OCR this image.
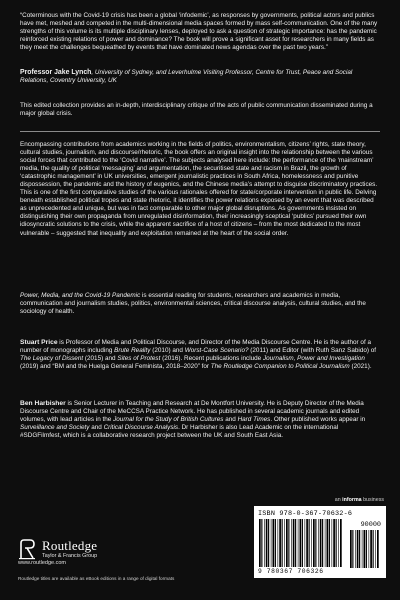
“Coterminous with the Covid-19 crisis has been a global ‘infodemic’, as responses by governments, political actors and publics have met, meshed and competed in the multi-dimensional media spaces formed by mass self-communication. One of the many strengths of this volume is its multiple disciplinary lenses, deployed to ask a question of strategic importance: has the pandemic reinforced existing relations of power and dominance? The book will prove a significant asset for researchers in many fields as they meet the challenges bequeathed by events that have dominated news agendas over the past two years.”

Professor Jake Lynch, University of Sydney, and Leverhulme Visiting Professor, Centre for Trust, Peace and Social Relations, Coventry University, UK

This edited collection provides an in-depth, interdisciplinary critique of the acts of public communication disseminated during a major global crisis.

Encompassing contributions from academics working in the fields of politics, environmentalism, citizens’ rights, state theory, cultural studies, journalism, and discourse/rhetoric, the book offers an original insight into the relationship between the various social forces that contributed to the ‘Covid narrative’. The subjects analysed here include: the performance of the ‘mainstream’ media, the quality of political ‘messaging’ and argumentation, the securitised state and racism in Brazil, the growth of ‘catastrophic management’ in UK universities, emergent journalistic practices in South Africa, homelessness and punitive dispossession, the pandemic and the history of eugenics, and the Chinese media’s attempt to disguise discriminatory practices. This is one of the first comparative studies of the various rationales offered for state/corporate intervention in public life. Delving beneath established political tropes and state rhetoric, it identifies the power relations exposed by an event that was described as unprecedented and unique, but was in fact comparable to other major global disruptions. As governments insisted on distinguishing their own propaganda from unregulated disinformation, their increasingly sceptical ‘publics’ pursued their own idiosyncratic solutions to the crisis, while the apparent sacrifice of a host of citizens – from the most dedicated to the most vulnerable – suggested that inequality and exploitation remained at the heart of the social order.

Power, Media, and the Covid-19 Pandemic is essential reading for students, researchers and academics in media, communication and journalism studies, politics, environmental sciences, critical discourse analysis, cultural studies, and the sociology of health.

Stuart Price is Professor of Media and Political Discourse, and Director of the Media Discourse Centre. He is the author of a number of monographs including Brute Reality (2010) and Worst-Case Scenario? (2011) and Editor (with Ruth Sanz Sabido) of The Legacy of Dissent (2015) and Sites of Protest (2016). Recent publications include Journalism, Power and Investigation (2019) and “BM and the Huelga General Feminista, 2018–2020” for The Routledge Companion to Political Journalism (2021).

Ben Harbisher is Senior Lecturer in Teaching and Research at De Montfort University. He is Deputy Director of the Media Discourse Centre and Chair of the MeCCSA Practice Network. He has published in several academic journals and edited volumes, with lead articles in the Journal for the Study of British Cultures and Hard Times. Other published works appear in Surveillance and Society and Critical Discourse Analysis. Dr Harbisher is also Lead Academic on the international #SDGFilmfest, which is a collaborative research project between the UK and South East Asia.

an informa business
Routledge
Taylor & Francis Group
www.routledge.com
Routledge titles are available as eBook editions in a range of digital formats
ISBN 978-0-367-70632-6
90000
9 780367 706326
